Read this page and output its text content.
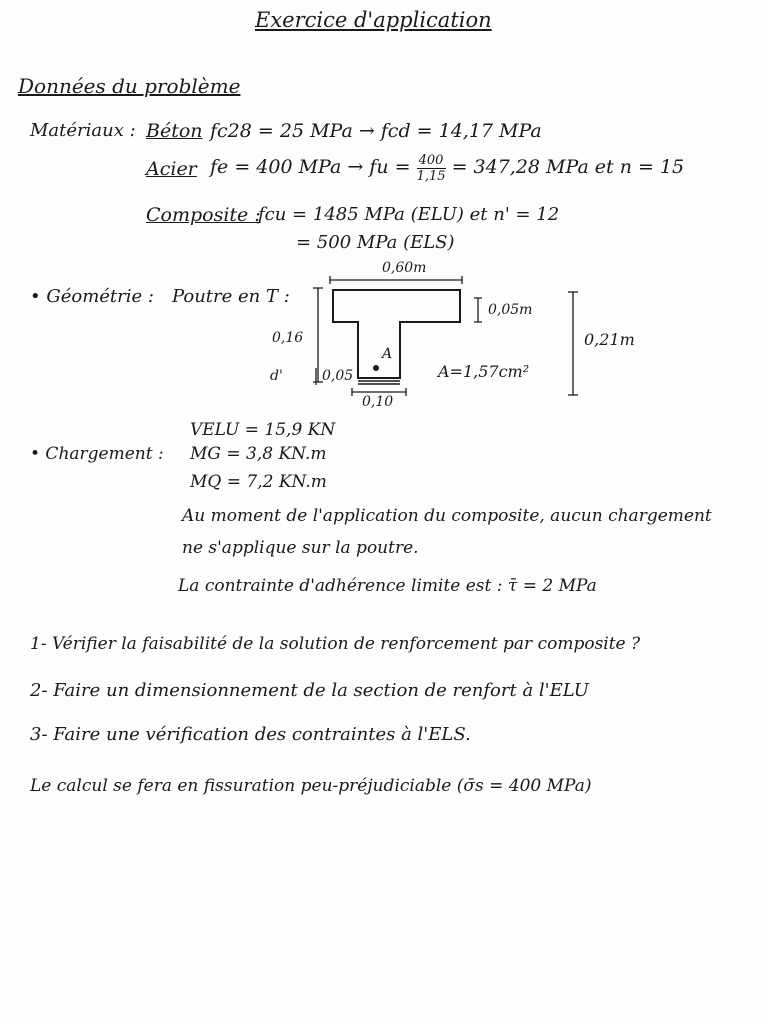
Exercice d'application
Données du problème
Matériaux : Béton fc28 = 25 MPa → fcd = 14,17 MPa
Acier fe = 400 MPa → fu = $\frac{400}{1,15} = 347,28$ MPa et n = 15
Composite :
fcu = 1485 MPa (ELU) et n' = 12
= 500 MPa (ELS)
• Géométrie : Poutre en T :
0,60m
0,05m
0,16	0,21m
d'	0,05
A
0,10
A=1,57cm²
VELU = 15,9 KN
• Chargement : MG = 3,8 KN.m
MQ = 7,2 KN.m
Au moment de l'application du composite, aucun chargement
ne s'applique sur la poutre.
La contrainte d'adhérence limite est : τ̄ = 2 MPa
1- Vérifier la faisabilité de la solution de renforcement par composite ?
2- Faire un dimensionnement de la section de renfort à l'ELU
3- Faire une vérification des contraintes à l'ELS.
Le calcul se fera en fissuration peu-préjudiciable (σ̄s = 400 MPa)
